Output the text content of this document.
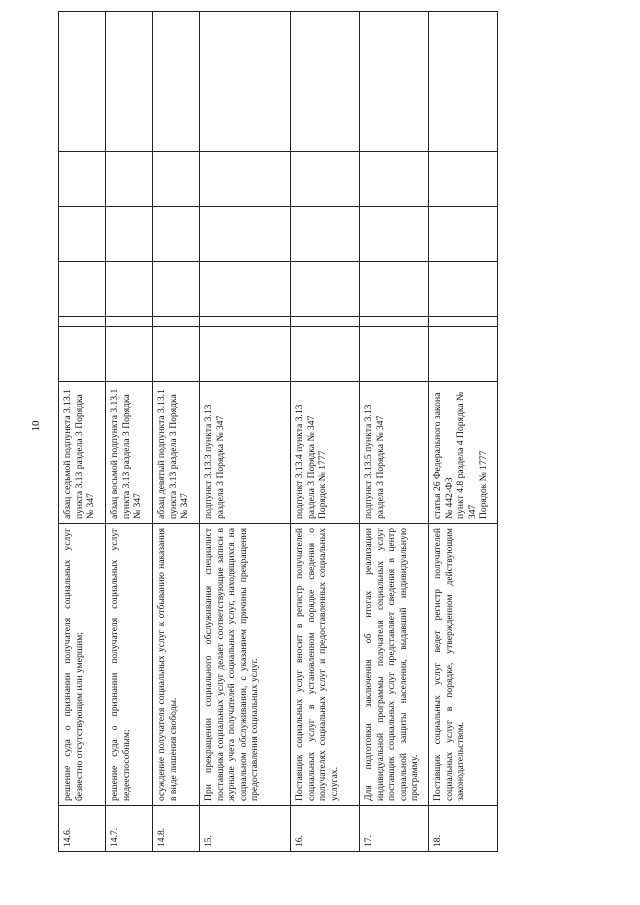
10
14.6.	решение суда о признании получателя социальных услуг безвестно отсутствующим или умершим;	абзац седьмой подпункта 3.13.1 пункта 3.13 раздела 3 Порядка № 347						

14.7.	решение суда о признании получателя социальных услуг недееспособным;	абзац восьмой подпункта 3.13.1 пункта 3.13 раздела 3 Порядка № 347						

14.8.	осуждение получателя социальных услуг к отбыванию наказания в виде лишения свободы.	абзац девятый подпункта 3.13.1 пункта 3.13 раздела 3 Порядка № 347						

15.	При прекращении социального обслуживания специалист поставщика социальных услуг делает соответствующие записи в журнале учета получателей социальных услуг, находящихся на социальном обслуживании, с указанием причины прекращения предоставления социальных услуг.	подпункт 3.13.3 пункта 3.13 раздела 3 Порядка № 347						

16.	Поставщик социальных услуг вносит в регистр получателей социальных услуг в установленном порядке сведения о получателях социальных услуг и предоставленных социальных услугах.	подпункт 3.13.4 пункта 3.13 раздела 3 Порядка № 347 Порядок № 1777						

17.	Для подготовки заключения об итогах реализации индивидуальной программы получателя социальных услуг поставщик социальных услуг представляет сведения в центр социальной защиты населения, выдавший индивидуальную программу.	подпункт 3.13.5 пункта 3.13 раздела 3 Порядка № 347						

18.	Поставщик социальных услуг ведет регистр получателей социальных услуг в порядке, утвержденном действующим законодательством.	статья 26 Федерального закона № 442-ФЗ пункт 4.8 раздела 4 Порядка № 347 Порядок № 1777						
